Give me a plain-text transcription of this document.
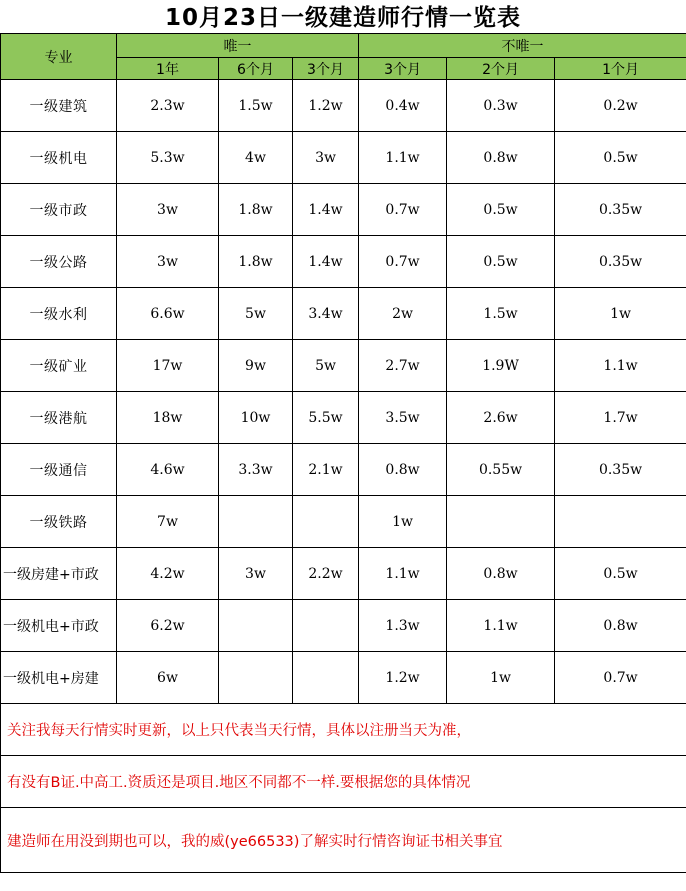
10月23日一级建造师行情一览表
专业	唯一			不唯一		
	1年	6个月	3个月	3个月	2个月	1个月
一级建筑	2.3w	1.5w	1.2w	0.4w	0.3w	0.2w
一级机电	5.3w	4w	3w	1.1w	0.8w	0.5w
一级市政	3w	1.8w	1.4w	0.7w	0.5w	0.35w
一级公路	3w	1.8w	1.4w	0.7w	0.5w	0.35w
一级水利	6.6w	5w	3.4w	2w	1.5w	1w
一级矿业	17w	9w	5w	2.7w	1.9W	1.1w
一级港航	18w	10w	5.5w	3.5w	2.6w	1.7w
一级通信	4.6w	3.3w	2.1w	0.8w	0.55w	0.35w
一级铁路	7w			1w		
一级房建+市政	4.2w	3w	2.2w	1.1w	0.8w	0.5w
一级机电+市政	6.2w			1.3w	1.1w	0.8w
一级机电+房建	6w			1.2w	1w	0.7w
关注我每天行情实时更新，以上只代表当天行情，具体以注册当天为准，						
有没有B证.中高工.资质还是项目.地区不同都不一样.要根据您的具体情况						
建造师在用没到期也可以，我的威(ye66533)了解实时行情咨询证书相关事宜						
